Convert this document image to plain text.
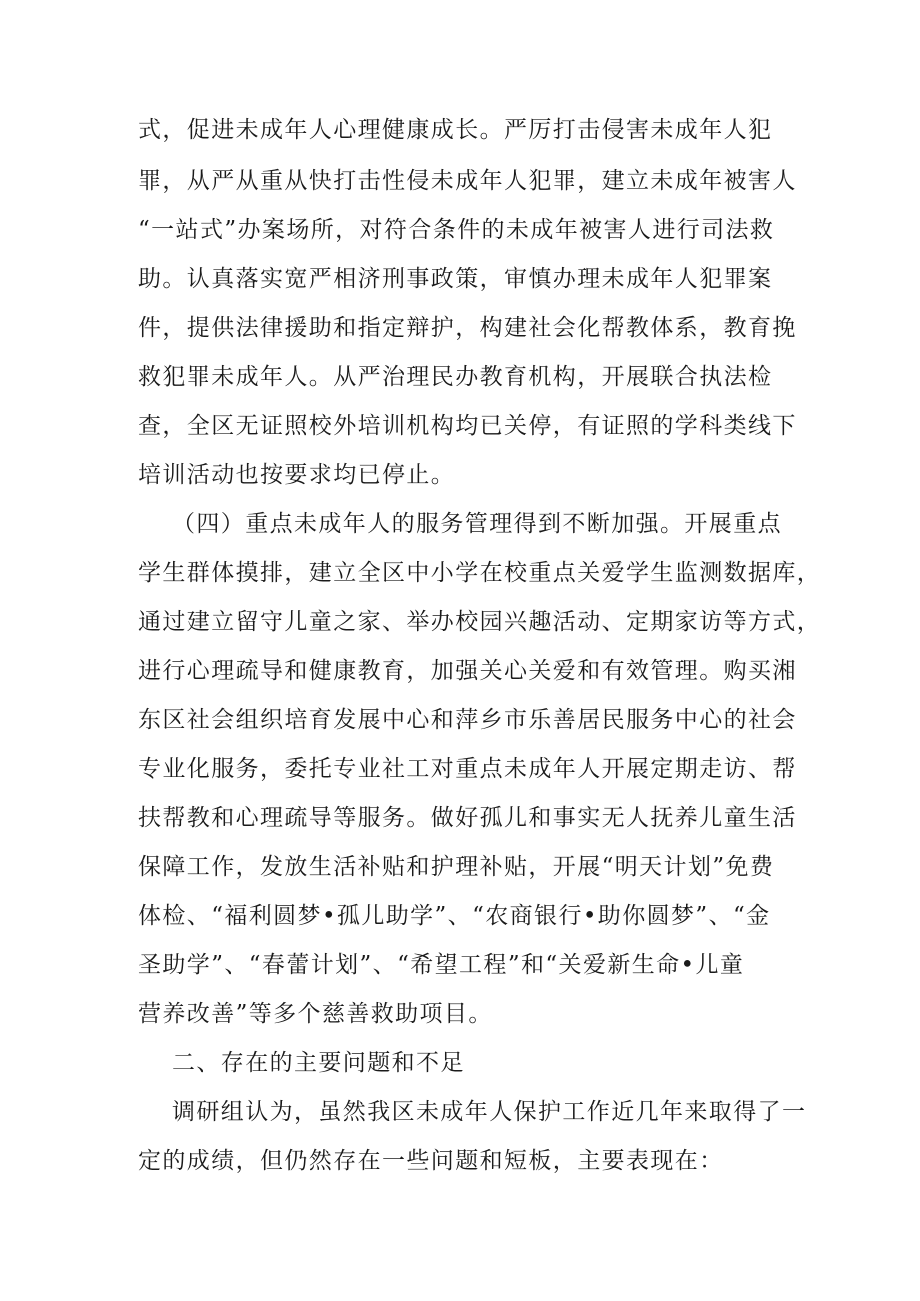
式，促进未成年人心理健康成长。严厉打击侵害未成年人犯
罪，从严从重从快打击性侵未成年人犯罪，建立未成年被害人
“一站式”办案场所，对符合条件的未成年被害人进行司法救
助。认真落实宽严相济刑事政策，审慎办理未成年人犯罪案
件，提供法律援助和指定辩护，构建社会化帮教体系，教育挽
救犯罪未成年人。从严治理民办教育机构，开展联合执法检
查，全区无证照校外培训机构均已关停，有证照的学科类线下
培训活动也按要求均已停止。
（四）重点未成年人的服务管理得到不断加强。开展重点
学生群体摸排，建立全区中小学在校重点关爱学生监测数据库，
通过建立留守儿童之家、举办校园兴趣活动、定期家访等方式，
进行心理疏导和健康教育，加强关心关爱和有效管理。购买湘
东区社会组织培育发展中心和萍乡市乐善居民服务中心的社会
专业化服务，委托专业社工对重点未成年人开展定期走访、帮
扶帮教和心理疏导等服务。做好孤儿和事实无人抚养儿童生活
保障工作，发放生活补贴和护理补贴，开展“明天计划”免费
体检、“福利圆梦•孤儿助学”、“农商银行•助你圆梦”、“金
圣助学”、“春蕾计划”、“希望工程”和“关爱新生命•儿童
营养改善”等多个慈善救助项目。
二、存在的主要问题和不足
调研组认为，虽然我区未成年人保护工作近几年来取得了一
定的成绩，但仍然存在一些问题和短板，主要表现在：
